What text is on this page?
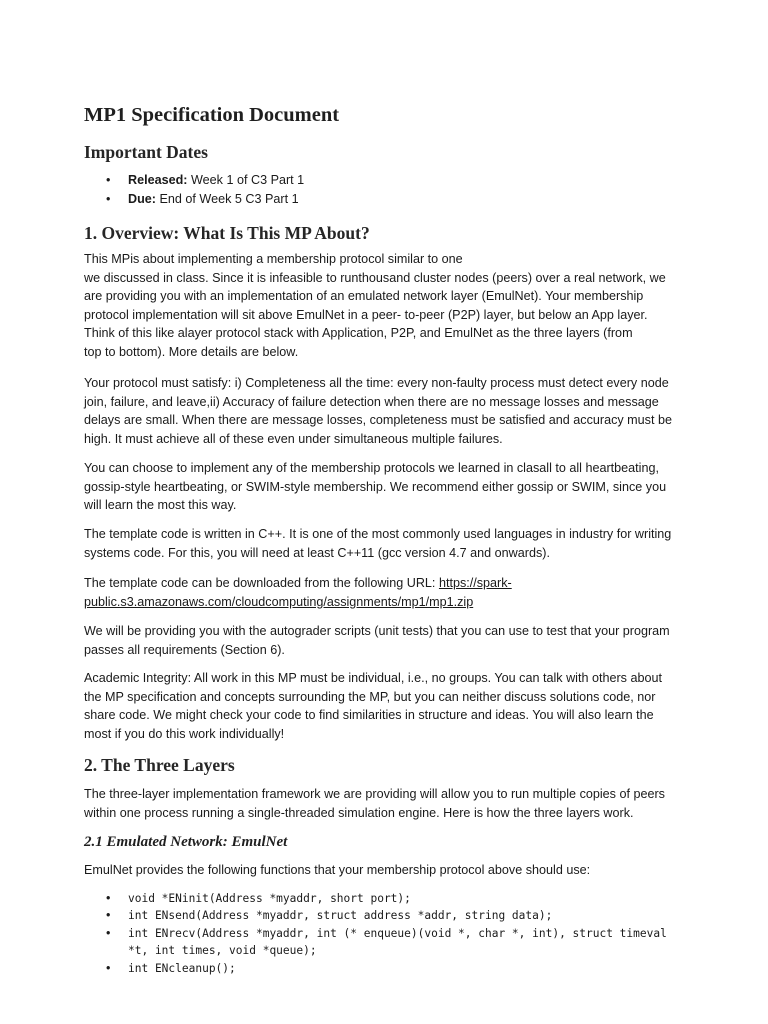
MP1 Specification Document
Important Dates
• Released: Week 1 of C3 Part 1
• Due: End of Week 5 C3 Part 1
1. Overview: What Is This MP About?
This MPis about implementing a membership protocol similar to one we discussed in class. Since it is infeasible to runthousand cluster nodes (peers) over a real network, we are providing you with an implementation of an emulated network layer (EmulNet). Your membership protocol implementation will sit above EmulNet in a peer- to-peer (P2P) layer, but below an App layer. Think of this like alayer protocol stack with Application, P2P, and EmulNet as the three layers (from top to bottom). More details are below.
Your protocol must satisfy: i) Completeness all the time: every non-faulty process must detect every node join, failure, and leave,ii) Accuracy of failure detection when there are no message losses and message delays are small. When there are message losses, completeness must be satisfied and accuracy must be high. It must achieve all of these even under simultaneous multiple failures.
You can choose to implement any of the membership protocols we learned in clasall to all heartbeating, gossip-style heartbeating, or SWIM-style membership. We recommend either gossip or SWIM, since you will learn the most this way.
The template code is written in C++. It is one of the most commonly used languages in industry for writing systems code. For this, you will need at least C++11 (gcc version 4.7 and onwards).
The template code can be downloaded from the following URL: https://spark- public.s3.amazonaws.com/cloudcomputing/assignments/mp1/mp1.zip
We will be providing you with the autograder scripts (unit tests) that you can use to test that your program passes all requirements (Section 6).
Academic Integrity: All work in this MP must be individual, i.e., no groups. You can talk with others about the MP specification and concepts surrounding the MP, but you can neither discuss solutions code, nor share code. We might check your code to find similarities in structure and ideas. You will also learn the most if you do this work individually!
2. The Three Layers
The three-layer implementation framework we are providing will allow you to run multiple copies of peers within one process running a single-threaded simulation engine. Here is how the three layers work.
2.1 Emulated Network: EmulNet
EmulNet provides the following functions that your membership protocol above should use:
• void *ENinit(Address *myaddr, short port);
• int ENsend(Address *myaddr, struct address *addr, string data);
• int ENrecv(Address *myaddr, int (* enqueue)(void *, char *, int), struct timeval
*t, int times, void *queue);
• int ENcleanup();
